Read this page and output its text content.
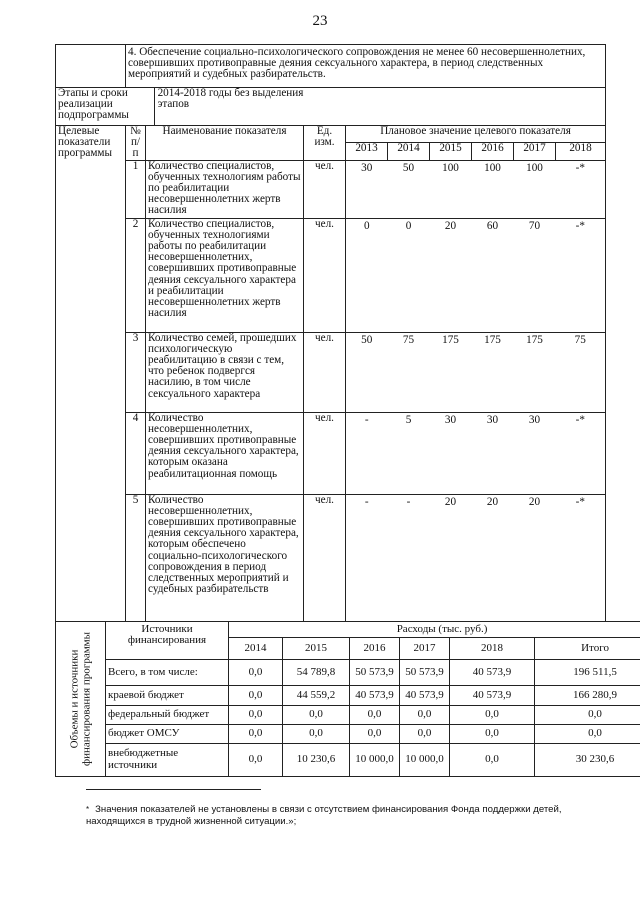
23
	4. Обеспечение социально-психологического сопровождения не менее 60 несовершеннолетних, совершивших противоправные деяния сексуального характера, в период следственных мероприятий и судебных разбирательств.								

Этапы и сроки реализации подпрограммы
2014-2018 годы без выделения этапов									

Целевые показатели программы	№ п/п	Наименование показателя	Ед. изм.	Плановое значение целевого показателя					
				2013	2014	2015	2016	2017	2018
	1	Количество специалистов, обученных технологиям работы по реабилитации несовершеннолетних жертв насилия	чел.	30	50	100	100	100	-*
	2	Количество специалистов, обученных технологиями работы по реабилитации несовершеннолетних, совершивших противоправные деяния сексуального характера и реабилитации несовершеннолетних жертв насилия	чел.	0	0	20	60	70	-*
	3	Количество семей, прошедших психологическую реабилитацию в связи с тем, что ребенок подвергся насилию, в том числе сексуального характера	чел.	50	75	175	175	175	75
	4	Количество несовершеннолетних, совершивших противоправные деяния сексуального характера, которым оказана реабилитационная помощь	чел.	-	5	30	30	30	-*
	5	Количество несовершеннолетних, совершивших противоправные деяния сексуального характера, которым обеспечено социально-психологического сопровождения в период следственных мероприятий и судебных разбирательств	чел.	-	-	20	20	20	-*
Объемы и источники финансирования программы	Источники финансирования	Расходы (тыс. руб.)					
		2014	2015	2016	2017	2018	Итого
	Всего, в том числе:	0,0	54 789,8	50 573,9	50 573,9	40 573,9	196 511,5
	краевой бюджет	0,0	44 559,2	40 573,9	40 573,9	40 573,9	166 280,9
	федеральный бюджет	0,0	0,0	0,0	0,0	0,0	0,0
	бюджет ОМСУ	0,0	0,0	0,0	0,0	0,0	0,0
	внебюджетные источники	0,0	10 230,6	10 000,0	10 000,0	0,0	30 230,6
* Значения показателей не установлены в связи с отсутствием финансирования Фонда поддержки детей, находящихся в трудной жизненной ситуации.»;
